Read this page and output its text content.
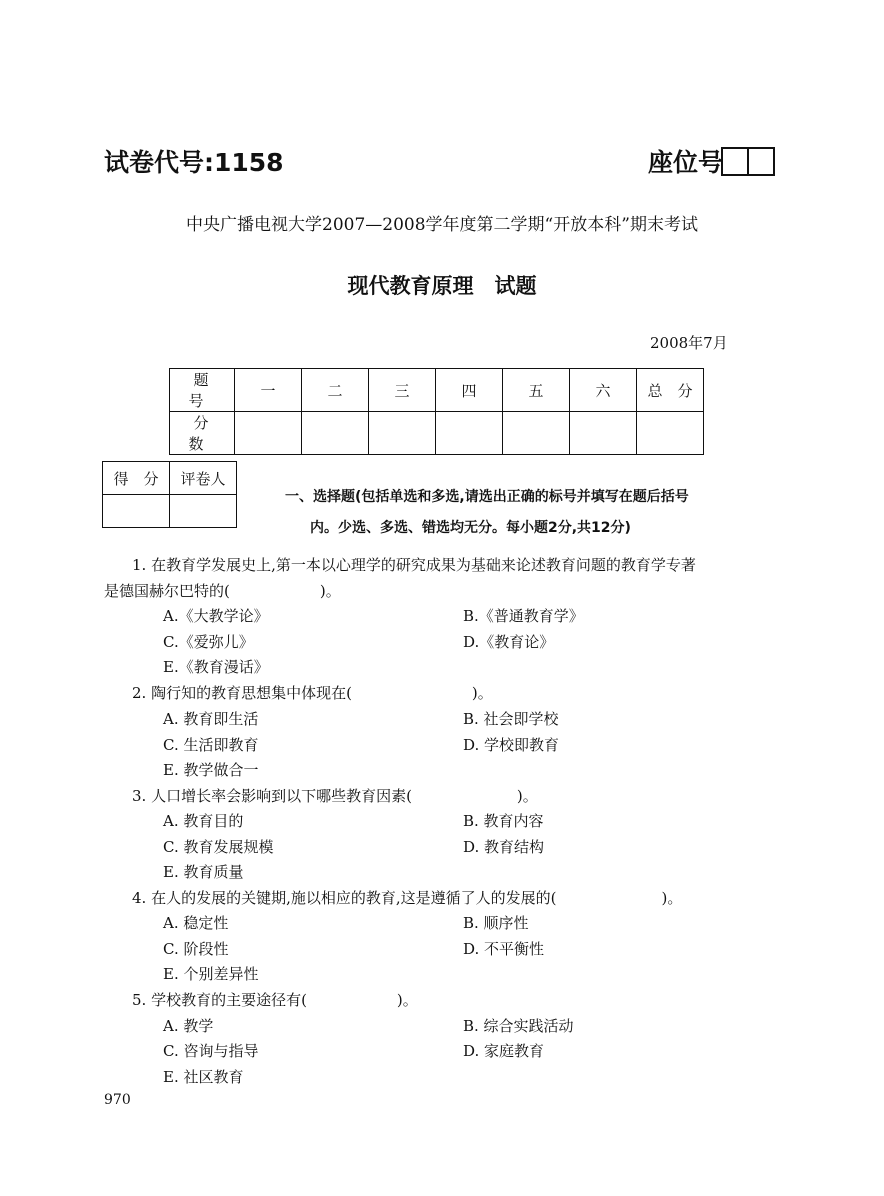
试卷代号:1158	座位号
中央广播电视大学2007—2008学年度第二学期“开放本科”期末考试
现代教育原理　试题
2008年7月
题　号	一	二	三	四	五	六	总　分
分　数							
得　分	评卷人

一、选择题(包括单选和多选,请选出正确的标号并填写在题后括号
内。少选、多选、错选均无分。每小题2分,共12分)
1. 在教育学发展史上,第一本以心理学的研究成果为基础来论述教育问题的教育学专著
是德国赫尔巴特的(　　　　　　)。
A.《大教学论》	B.《普通教育学》
C.《爱弥儿》	D.《教育论》
E.《教育漫话》
2. 陶行知的教育思想集中体现在(　　　　　　　　)。
A. 教育即生活	B. 社会即学校
C. 生活即教育	D. 学校即教育
E. 教学做合一
3. 人口增长率会影响到以下哪些教育因素(　　　　　　　)。
A. 教育目的	B. 教育内容
C. 教育发展规模	D. 教育结构
E. 教育质量
4. 在人的发展的关键期,施以相应的教育,这是遵循了人的发展的(　　　　　　　)。
A. 稳定性	B. 顺序性
C. 阶段性	D. 不平衡性
E. 个别差异性
5. 学校教育的主要途径有(　　　　　　)。
A. 教学	B. 综合实践活动
C. 咨询与指导	D. 家庭教育
E. 社区教育
970
